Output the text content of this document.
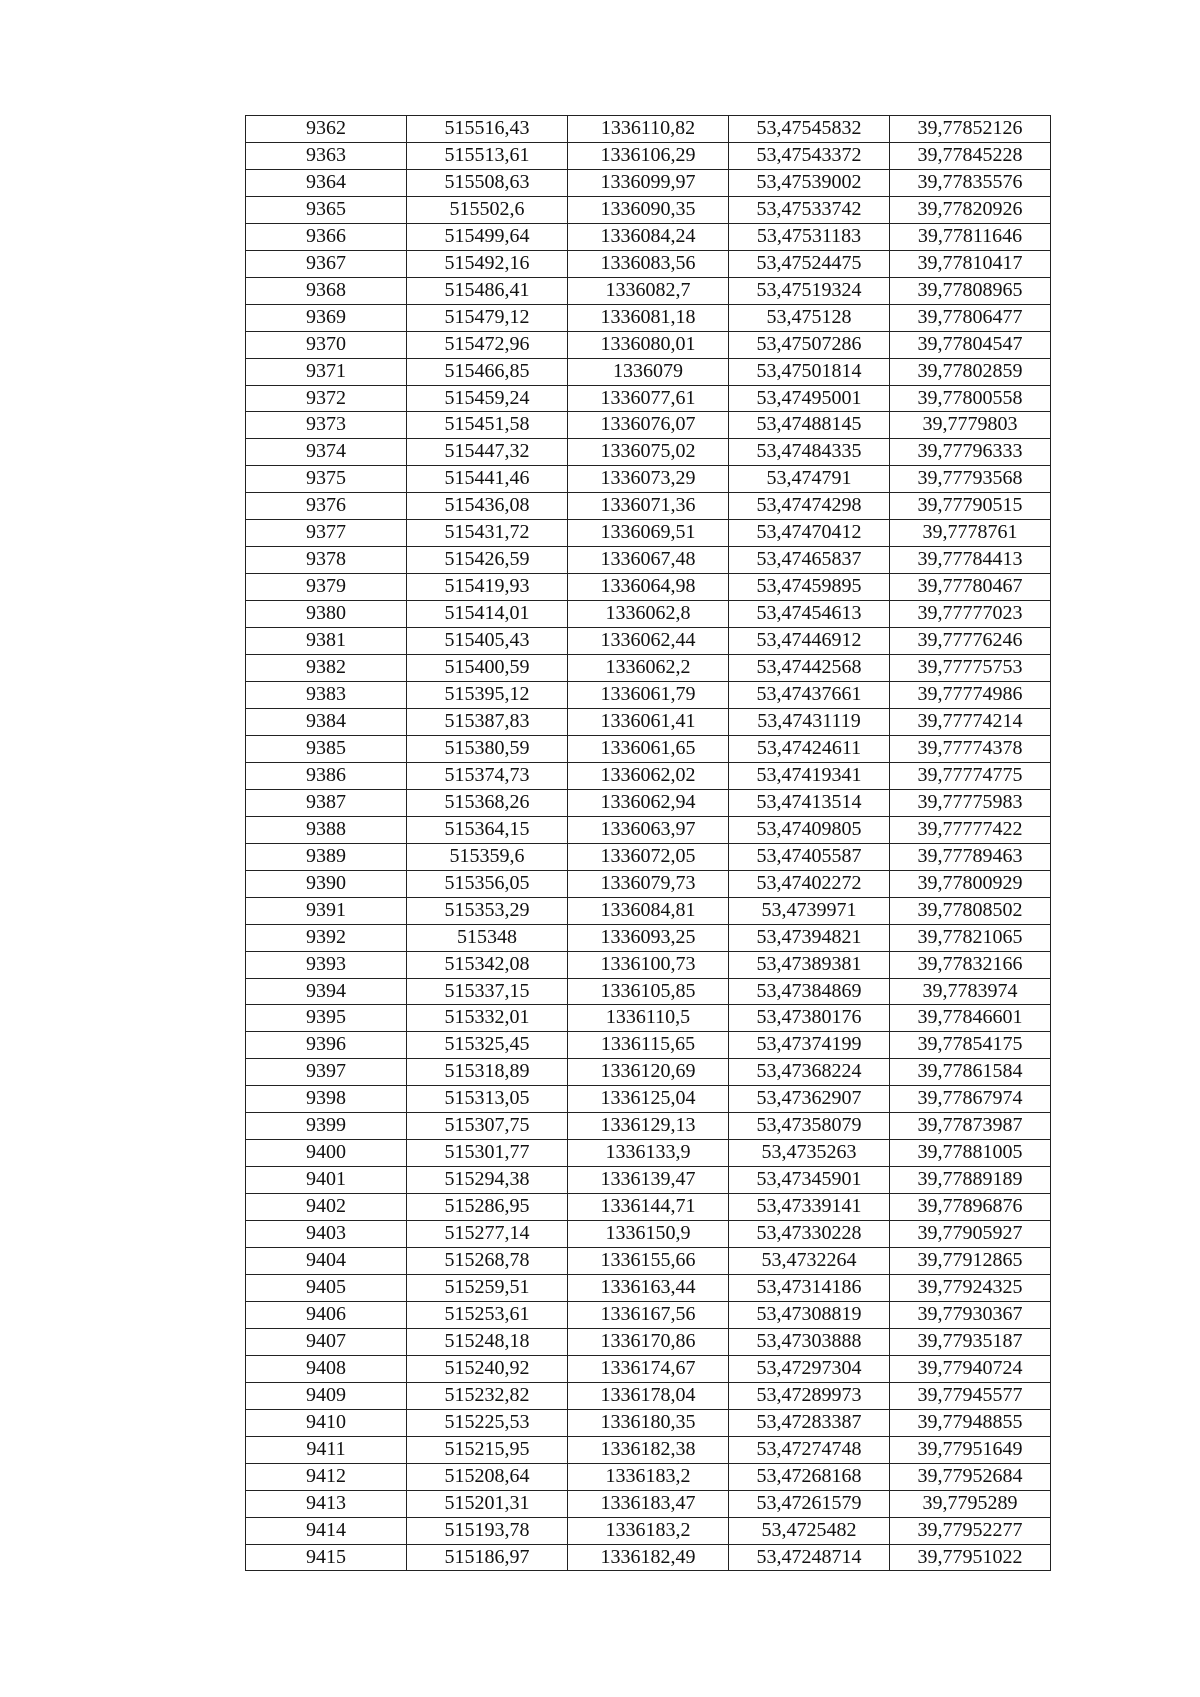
9362	515516,43	1336110,82	53,47545832	39,77852126
9363	515513,61	1336106,29	53,47543372	39,77845228
9364	515508,63	1336099,97	53,47539002	39,77835576
9365	515502,6	1336090,35	53,47533742	39,77820926
9366	515499,64	1336084,24	53,47531183	39,77811646
9367	515492,16	1336083,56	53,47524475	39,77810417
9368	515486,41	1336082,7	53,47519324	39,77808965
9369	515479,12	1336081,18	53,475128	39,77806477
9370	515472,96	1336080,01	53,47507286	39,77804547
9371	515466,85	1336079	53,47501814	39,77802859
9372	515459,24	1336077,61	53,47495001	39,77800558
9373	515451,58	1336076,07	53,47488145	39,7779803
9374	515447,32	1336075,02	53,47484335	39,77796333
9375	515441,46	1336073,29	53,474791	39,77793568
9376	515436,08	1336071,36	53,47474298	39,77790515
9377	515431,72	1336069,51	53,47470412	39,7778761
9378	515426,59	1336067,48	53,47465837	39,77784413
9379	515419,93	1336064,98	53,47459895	39,77780467
9380	515414,01	1336062,8	53,47454613	39,77777023
9381	515405,43	1336062,44	53,47446912	39,77776246
9382	515400,59	1336062,2	53,47442568	39,77775753
9383	515395,12	1336061,79	53,47437661	39,77774986
9384	515387,83	1336061,41	53,47431119	39,77774214
9385	515380,59	1336061,65	53,47424611	39,77774378
9386	515374,73	1336062,02	53,47419341	39,77774775
9387	515368,26	1336062,94	53,47413514	39,77775983
9388	515364,15	1336063,97	53,47409805	39,77777422
9389	515359,6	1336072,05	53,47405587	39,77789463
9390	515356,05	1336079,73	53,47402272	39,77800929
9391	515353,29	1336084,81	53,4739971	39,77808502
9392	515348	1336093,25	53,47394821	39,77821065
9393	515342,08	1336100,73	53,47389381	39,77832166
9394	515337,15	1336105,85	53,47384869	39,7783974
9395	515332,01	1336110,5	53,47380176	39,77846601
9396	515325,45	1336115,65	53,47374199	39,77854175
9397	515318,89	1336120,69	53,47368224	39,77861584
9398	515313,05	1336125,04	53,47362907	39,77867974
9399	515307,75	1336129,13	53,47358079	39,77873987
9400	515301,77	1336133,9	53,4735263	39,77881005
9401	515294,38	1336139,47	53,47345901	39,77889189
9402	515286,95	1336144,71	53,47339141	39,77896876
9403	515277,14	1336150,9	53,47330228	39,77905927
9404	515268,78	1336155,66	53,4732264	39,77912865
9405	515259,51	1336163,44	53,47314186	39,77924325
9406	515253,61	1336167,56	53,47308819	39,77930367
9407	515248,18	1336170,86	53,47303888	39,77935187
9408	515240,92	1336174,67	53,47297304	39,77940724
9409	515232,82	1336178,04	53,47289973	39,77945577
9410	515225,53	1336180,35	53,47283387	39,77948855
9411	515215,95	1336182,38	53,47274748	39,77951649
9412	515208,64	1336183,2	53,47268168	39,77952684
9413	515201,31	1336183,47	53,47261579	39,7795289
9414	515193,78	1336183,2	53,4725482	39,77952277
9415	515186,97	1336182,49	53,47248714	39,77951022
